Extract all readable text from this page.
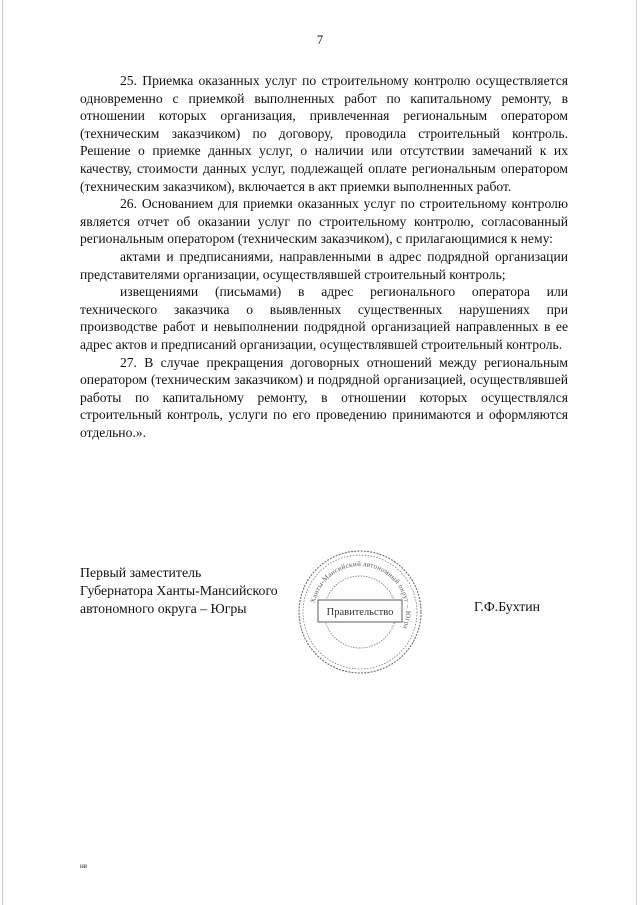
7

25. Приемка оказанных услуг по строительному контролю осуществляется одновременно с приемкой выполненных работ по капитальному ремонту, в отношении которых организация, привлеченная региональным оператором (техническим заказчиком) по договору, проводила строительный контроль. Решение о приемке данных услуг, о наличии или отсутствии замечаний к их качеству, стоимости данных услуг, подлежащей оплате региональным оператором (техническим заказчиком), включается в акт приемки выполненных работ.

26. Основанием для приемки оказанных услуг по строительному контролю является отчет об оказании услуг по строительному контролю, согласованный региональным оператором (техническим заказчиком), с прилагающимися к нему:

актами и предписаниями, направленными в адрес подрядной организации представителями организации, осуществлявшей строительный контроль;

извещениями (письмами) в адрес регионального оператора или технического заказчика о выявленных существенных нарушениях при производстве работ и невыполнении подрядной организацией направленных в ее адрес актов и предписаний организации, осуществлявшей строительный контроль.

27. В случае прекращения договорных отношений между региональным оператором (техническим заказчиком) и подрядной организацией, осуществлявшей работы по капитальному ремонту, в отношении которых осуществлялся строительный контроль, услуги по его проведению принимаются и оформляются отдельно.».

Первый заместитель
Губернатора Ханты-Мансийского
автономного округа – Югры	Г.Ф.Бухтин
Ханты-Мансийский автономный округ – Югра
Правительство
нв
